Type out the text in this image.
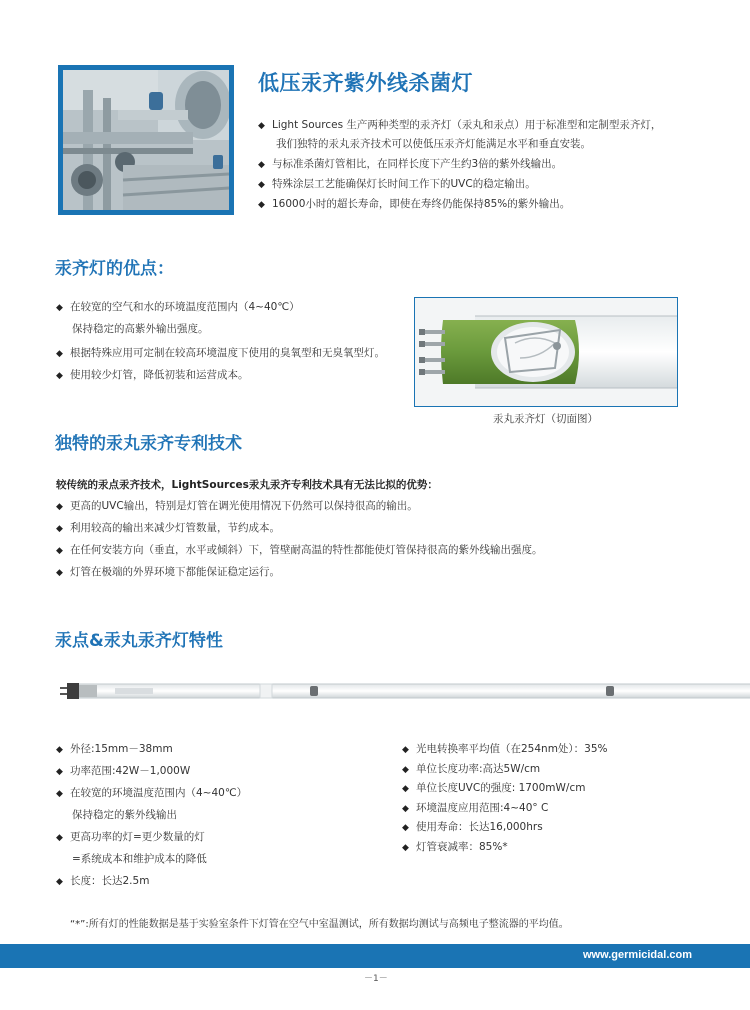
低压汞齐紫外线杀菌灯
◆ Light Sources 生产两种类型的汞齐灯（汞丸和汞点）用于标准型和定制型汞齐灯，
我们独特的汞丸汞齐技术可以使低压汞齐灯能满足水平和垂直安装。
◆ 与标准杀菌灯管相比，在同样长度下产生约3倍的紫外线输出。
◆ 特殊涂层工艺能确保灯长时间工作下的UVC的稳定输出。
◆ 16000小时的超长寿命，即使在寿终仍能保持85%的紫外输出。
汞齐灯的优点：
◆ 在较宽的空气和水的环境温度范围内（4~40℃）
保持稳定的高紫外输出强度。
◆ 根据特殊应用可定制在较高环境温度下使用的臭氧型和无臭氧型灯。
◆ 使用较少灯管，降低初装和运营成本。
汞丸汞齐灯（切面图）
独特的汞丸汞齐专利技术
较传统的汞点汞齐技术，LightSources汞丸汞齐专利技术具有无法比拟的优势：
◆ 更高的UVC输出，特别是灯管在调光使用情况下仍然可以保持很高的输出。
◆ 利用较高的输出来减少灯管数量，节约成本。
◆ 在任何安装方向（垂直，水平或倾斜）下，管壁耐高温的特性都能使灯管保持很高的紫外线输出强度。
◆ 灯管在极端的外界环境下都能保证稳定运行。
汞点&汞丸汞齐灯特性
◆ 外径:15mm－38mm
◆ 功率范围:42W－1,000W
◆ 在较宽的环境温度范围内（4~40℃）
保持稳定的紫外线输出
◆ 更高功率的灯=更少数量的灯
=系统成本和维护成本的降低
◆ 长度：长达2.5m
◆ 光电转换率平均值（在254nm处）：35%
◆ 单位长度功率:高达5W/cm
◆ 单位长度UVC的强度: 1700mW/cm
◆ 环境温度应用范围:4~40° C
◆ 使用寿命：长达16,000hrs
◆ 灯管衰减率：85%*
“*”:所有灯的性能数据是基于实验室条件下灯管在空气中室温测试，所有数据均测试与高频电子整流器的平均值。
www.germicidal.com
－1－
